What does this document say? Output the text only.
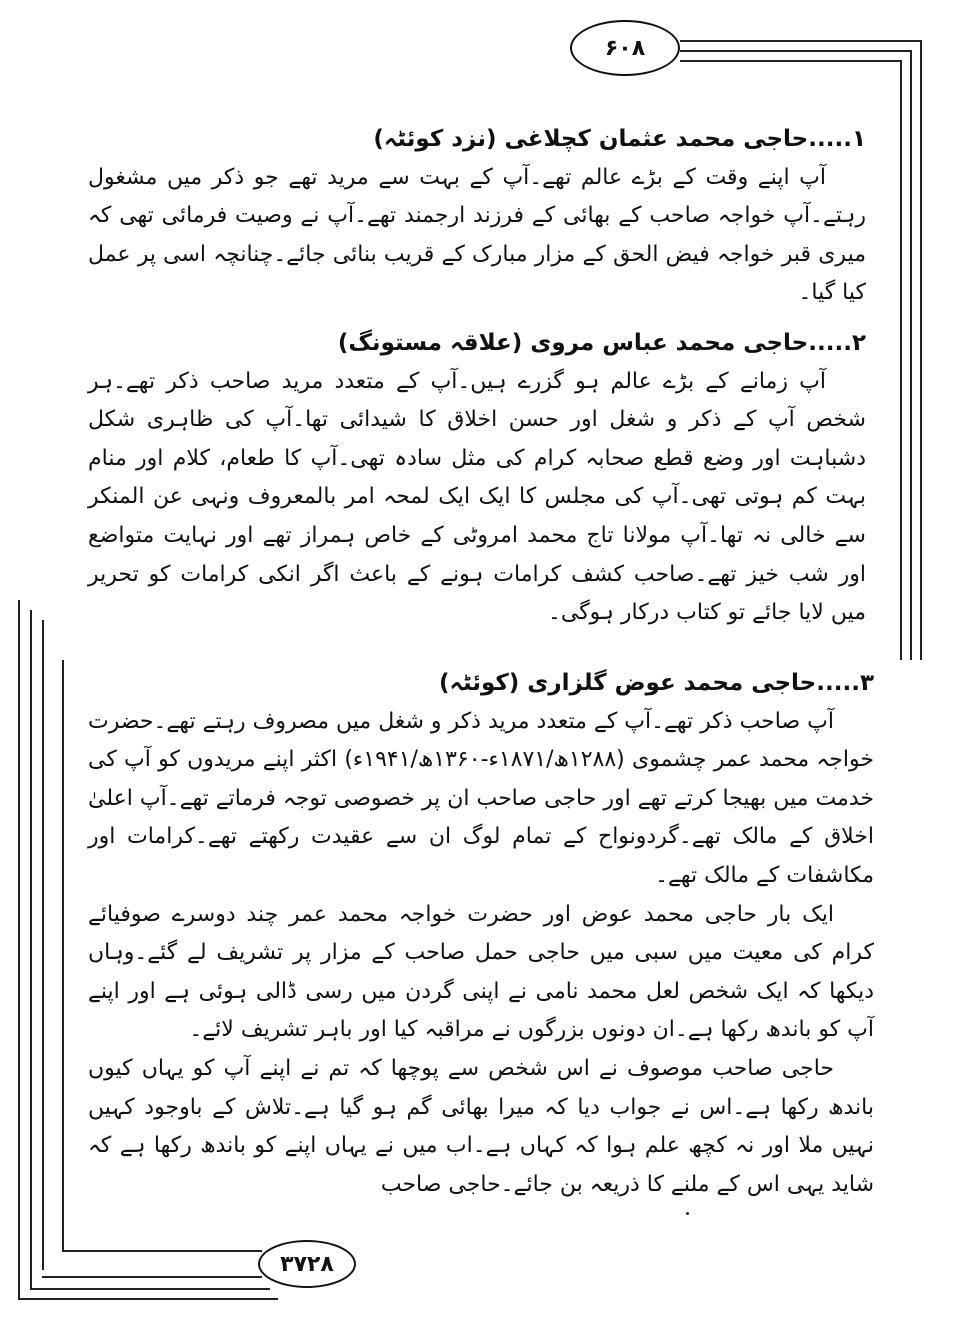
۶۰۸
۳۷۲۸

۱.....حاجی محمد عثمان کچلاغی (نزد کوئٹہ)

آپ اپنے وقت کے بڑے عالم تھے۔آپ کے بہت سے مرید تھے جو ذکر میں مشغول رہتے۔آپ خواجہ صاحب کے بھائی کے فرزند ارجمند تھے۔آپ نے وصیت فرمائی تھی کہ میری قبر خواجہ فیض الحق کے مزار مبارک کے قریب بنائی جائے۔چنانچہ اسی پر عمل کیا گیا۔

۲.....حاجی محمد عباس مروی (علاقہ مستونگ)

آپ زمانے کے بڑے عالم ہو گزرے ہیں۔آپ کے متعدد مرید صاحب ذکر تھے۔ہر شخص آپ کے ذکر و شغل اور حسن اخلاق کا شیدائی تھا۔آپ کی ظاہری شکل دشباہت اور وضع قطع صحابہ کرام کی مثل سادہ تھی۔آپ کا طعام، کلام اور منام بہت کم ہوتی تھی۔آپ کی مجلس کا ایک ایک لمحہ امر بالمعروف ونہی عن المنکر سے خالی نہ تھا۔آپ مولانا تاج محمد امروٹی کے خاص ہمراز تھے اور نہایت متواضع اور شب خیز تھے۔صاحب کشف کرامات ہونے کے باعث اگر انکی کرامات کو تحریر میں لایا جائے تو کتاب درکار ہوگی۔

۳.....حاجی محمد عوض گلزاری (کوئٹہ)

آپ صاحب ذکر تھے۔آپ کے متعدد مرید ذکر و شغل میں مصروف رہتے تھے۔حضرت خواجہ محمد عمر چشموی (۱۲۸۸ھ/۱۸۷۱ء-۱۳۶۰ھ/۱۹۴۱ء) اکثر اپنے مریدوں کو آپ کی خدمت میں بھیجا کرتے تھے اور حاجی صاحب ان پر خصوصی توجہ فرماتے تھے۔آپ اعلیٰ اخلاق کے مالک تھے۔گردونواح کے تمام لوگ ان سے عقیدت رکھتے تھے۔کرامات اور مکاشفات کے مالک تھے۔

ایک بار حاجی محمد عوض اور حضرت خواجہ محمد عمر چند دوسرے صوفیائے کرام کی معیت میں سبی میں حاجی حمل صاحب کے مزار پر تشریف لے گئے۔وہاں دیکھا کہ ایک شخص لعل محمد نامی نے اپنی گردن میں رسی ڈالی ہوئی ہے اور اپنے آپ کو باندھ رکھا ہے۔ان دونوں بزرگوں نے مراقبہ کیا اور باہر تشریف لائے۔

حاجی صاحب موصوف نے اس شخص سے پوچھا کہ تم نے اپنے آپ کو یہاں کیوں باندھ رکھا ہے۔اس نے جواب دیا کہ میرا بھائی گم ہو گیا ہے۔تلاش کے باوجود کہیں نہیں ملا اور نہ کچھ علم ہوا کہ کہاں ہے۔اب میں نے یہاں اپنے کو باندھ رکھا ہے کہ شاید یہی اس کے ملنے کا ذریعہ بن جائے۔حاجی صاحب
